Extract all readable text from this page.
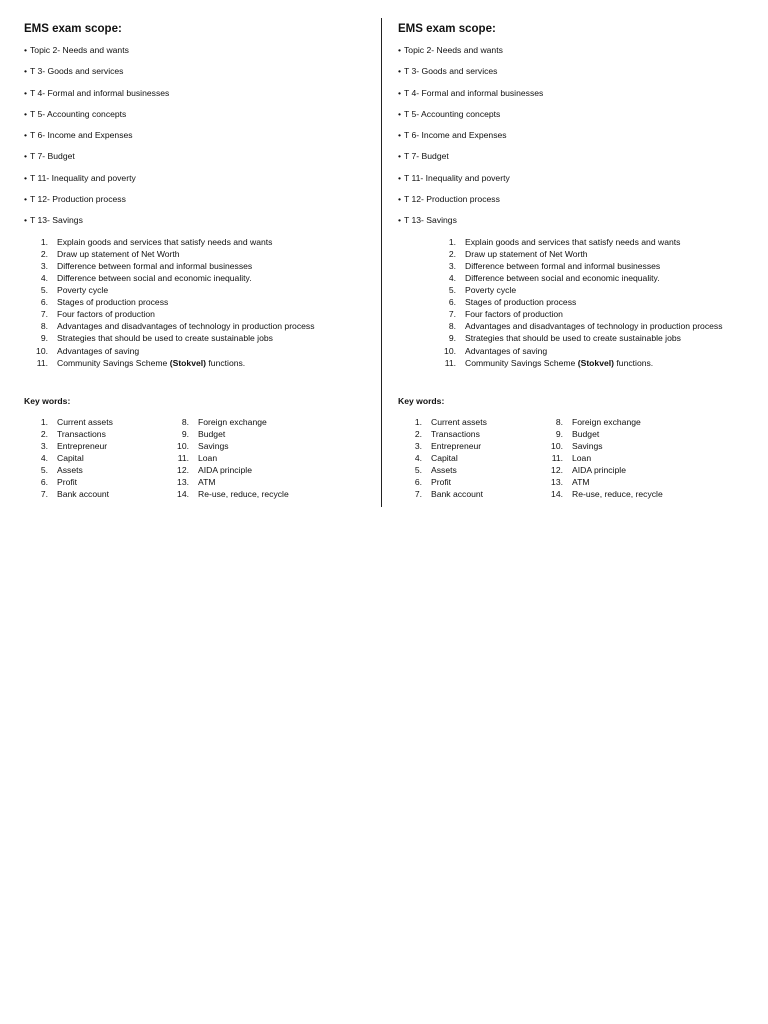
EMS exam scope:
• Topic 2- Needs and wants
• T 3- Goods and services
• T 4- Formal and informal businesses
• T 5- Accounting concepts
• T 6- Income and Expenses
• T 7- Budget
• T 11- Inequality and poverty
• T 12- Production process
• T 13- Savings
1. Explain goods and services that satisfy needs and wants
2. Draw up statement of Net Worth
3. Difference between formal and informal businesses
4. Difference between social and economic inequality.
5. Poverty cycle
6. Stages of production process
7. Four factors of production
8. Advantages and disadvantages of technology in production process
9. Strategies that should be used to create sustainable jobs
10. Advantages of saving
11. Community Savings Scheme (Stokvel) functions.
Key words:
1. Current assets
2. Transactions
3. Entrepreneur
4. Capital
5. Assets
6. Profit
7. Bank account
8. Foreign exchange
9. Budget
10. Savings
11. Loan
12. AIDA principle
13. ATM
14. Re-use, reduce, recycle
EMS exam scope:
• Topic 2- Needs and wants
• T 3- Goods and services
• T 4- Formal and informal businesses
• T 5- Accounting concepts
• T 6- Income and Expenses
• T 7- Budget
• T 11- Inequality and poverty
• T 12- Production process
• T 13- Savings
1. Explain goods and services that satisfy needs and wants
2. Draw up statement of Net Worth
3. Difference between formal and informal businesses
4. Difference between social and economic inequality.
5. Poverty cycle
6. Stages of production process
7. Four factors of production
8. Advantages and disadvantages of technology in production process
9. Strategies that should be used to create sustainable jobs
10. Advantages of saving
11. Community Savings Scheme (Stokvel) functions.
Key words:
1. Current assets
2. Transactions
3. Entrepreneur
4. Capital
5. Assets
6. Profit
7. Bank account
8. Foreign exchange
9. Budget
10. Savings
11. Loan
12. AIDA principle
13. ATM
14. Re-use, reduce, recycle
